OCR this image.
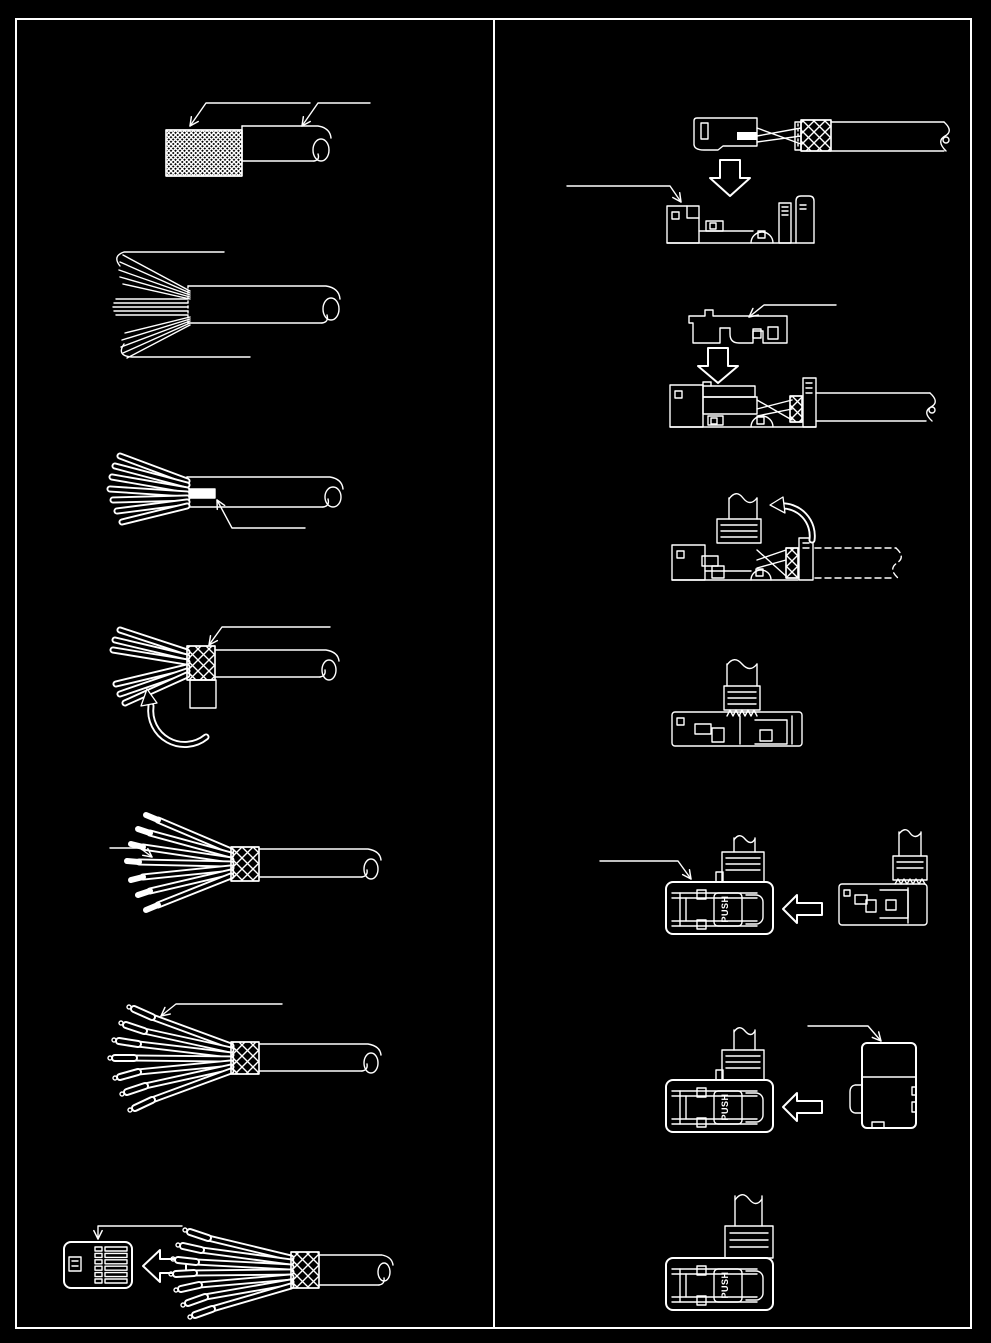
PUSH
PUSH
PUSH
